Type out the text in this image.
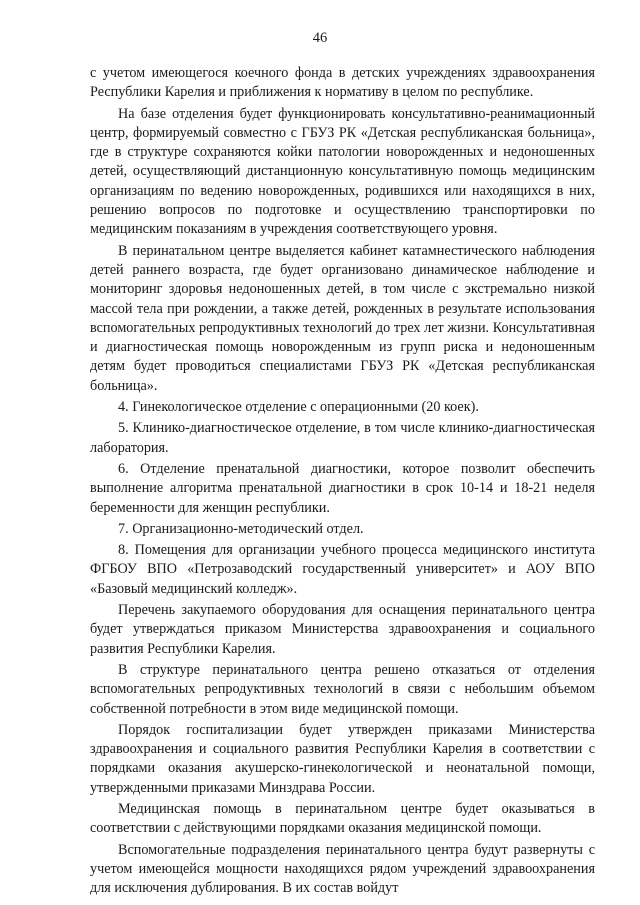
46

с учетом имеющегося коечного фонда в детских учреждениях здравоохранения Республики Карелия и приближения к нормативу в целом по республике.

На базе отделения будет функционировать консультативно-реанимационный центр, формируемый совместно с ГБУЗ РК «Детская республиканская больница», где в структуре сохраняются койки патологии новорожденных и недоношенных детей, осуществляющий дистанционную консультативную помощь медицинским организациям по ведению новорожденных, родившихся или находящихся в них, решению вопросов по подготовке и осуществлению транспортировки по медицинским показаниям в учреждения соответствующего уровня.

В перинатальном центре выделяется кабинет катамнестического наблюдения детей раннего возраста, где будет организовано динамическое наблюдение и мониторинг здоровья недоношенных детей, в том числе с экстремально низкой массой тела при рождении, а также детей, рожденных в результате использования вспомогательных репродуктивных технологий до трех лет жизни. Консультативная и диагностическая помощь новорожденным из групп риска и недоношенным детям будет проводиться специалистами ГБУЗ РК «Детская республиканская больница».

4. Гинекологическое отделение с операционными (20 коек).

5. Клинико-диагностическое отделение, в том числе клинико-диагностическая лаборатория.

6. Отделение пренатальной диагностики, которое позволит обеспечить выполнение алгоритма пренатальной диагностики в срок 10-14 и 18-21 неделя беременности для женщин республики.

7. Организационно-методический отдел.

8. Помещения для организации учебного процесса медицинского института ФГБОУ ВПО «Петрозаводский государственный университет» и АОУ ВПО «Базовый медицинский колледж».

Перечень закупаемого оборудования для оснащения перинатального центра будет утверждаться приказом Министерства здравоохранения и социального развития Республики Карелия.

В структуре перинатального центра решено отказаться от отделения вспомогательных репродуктивных технологий в связи с небольшим объемом собственной потребности в этом виде медицинской помощи.

Порядок госпитализации будет утвержден приказами Министерства здравоохранения и социального развития Республики Карелия в соответствии с порядками оказания акушерско-гинекологической и неонатальной помощи, утвержденными приказами Минздрава России.

Медицинская помощь в перинатальном центре будет оказываться в соответствии с действующими порядками оказания медицинской помощи.

Вспомогательные подразделения перинатального центра будут развернуты с учетом имеющейся мощности находящихся рядом учреждений здравоохранения для исключения дублирования. В их состав войдут
